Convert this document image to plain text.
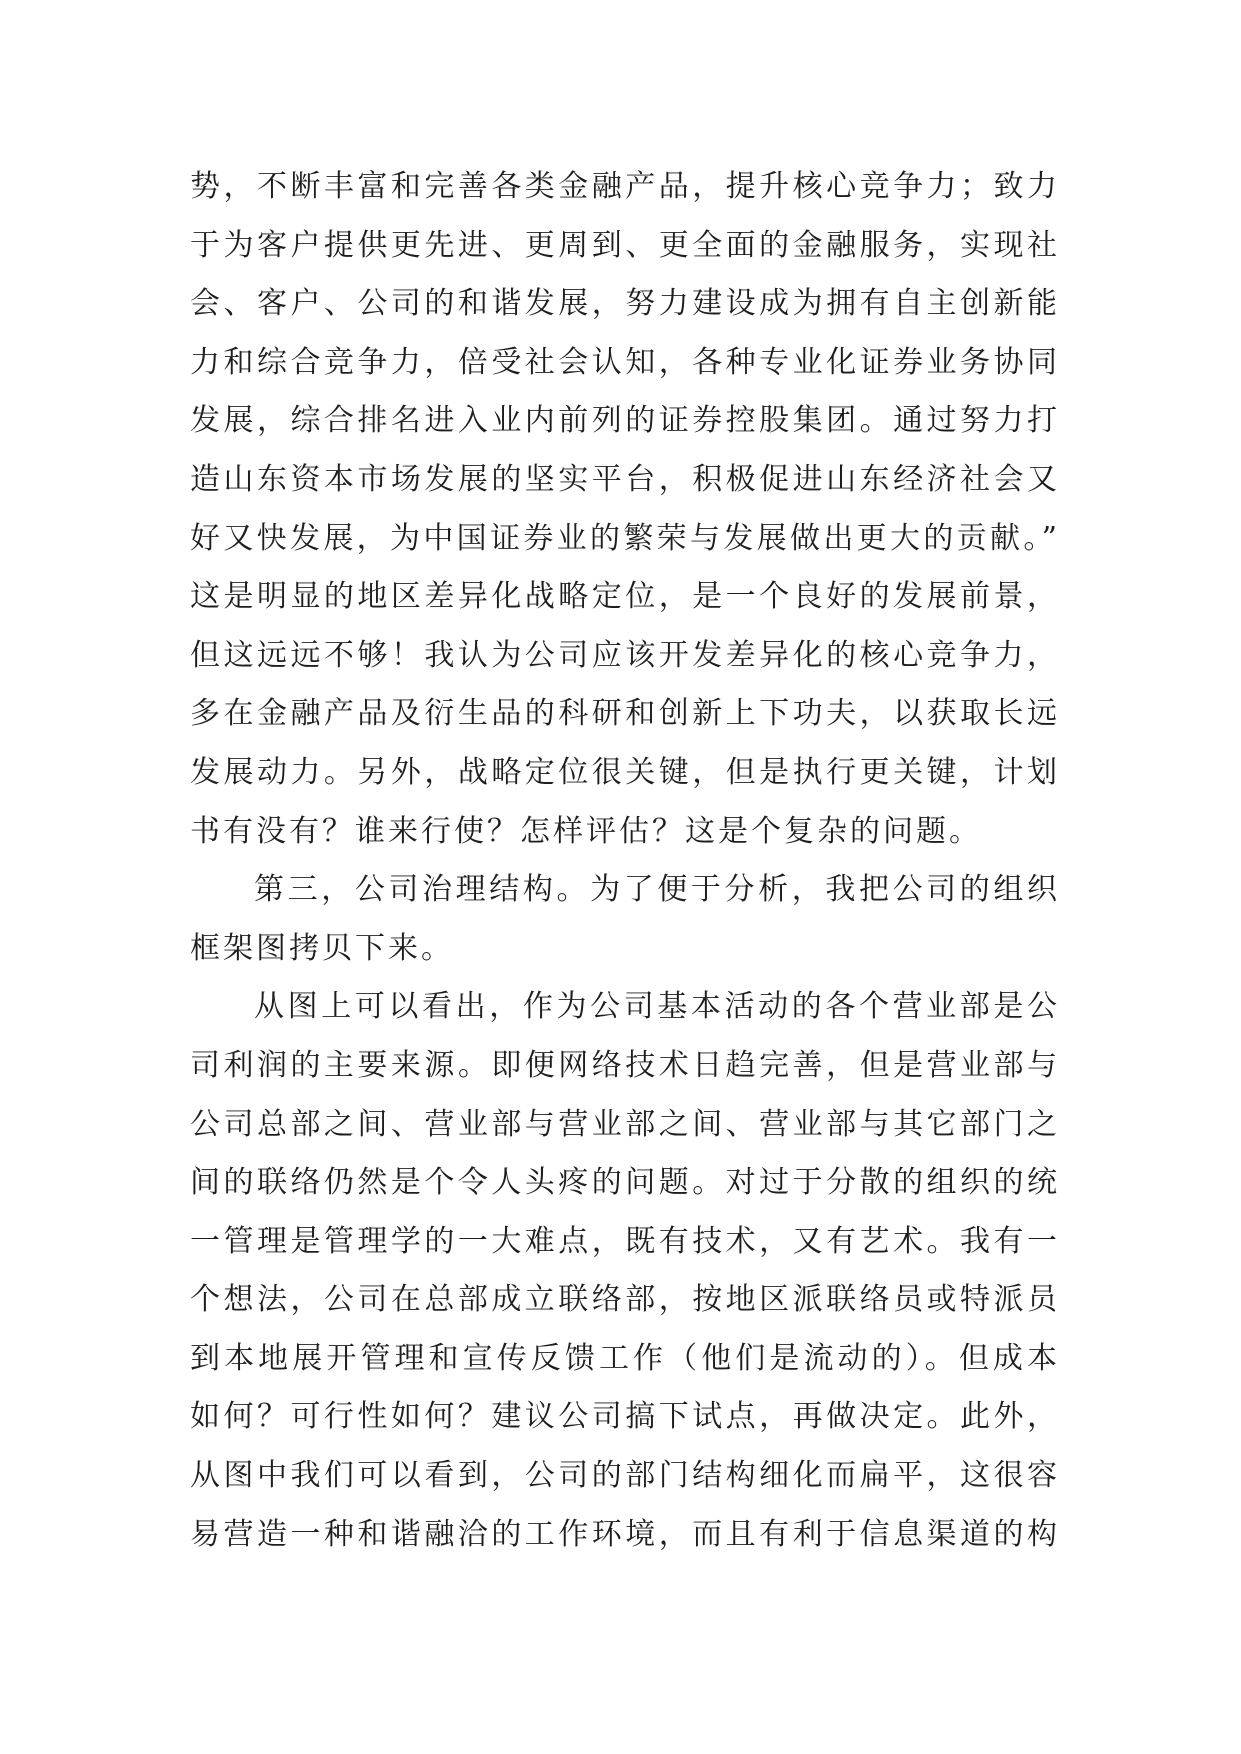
势，不断丰富和完善各类金融产品，提升核心竞争力；致力
于为客户提供更先进、更周到、更全面的金融服务，实现社
会、客户、公司的和谐发展，努力建设成为拥有自主创新能
力和综合竞争力，倍受社会认知，各种专业化证券业务协同
发展，综合排名进入业内前列的证券控股集团。通过努力打
造山东资本市场发展的坚实平台，积极促进山东经济社会又
好又快发展，为中国证券业的繁荣与发展做出更大的贡献。”
这是明显的地区差异化战略定位，是一个良好的发展前景，
但这远远不够！我认为公司应该开发差异化的核心竞争力，
多在金融产品及衍生品的科研和创新上下功夫，以获取长远
发展动力。另外，战略定位很关键，但是执行更关键，计划
书有没有？谁来行使？怎样评估？这是个复杂的问题。
第三，公司治理结构。为了便于分析，我把公司的组织
框架图拷贝下来。
从图上可以看出，作为公司基本活动的各个营业部是公
司利润的主要来源。即便网络技术日趋完善，但是营业部与
公司总部之间、营业部与营业部之间、营业部与其它部门之
间的联络仍然是个令人头疼的问题。对过于分散的组织的统
一管理是管理学的一大难点，既有技术，又有艺术。我有一
个想法，公司在总部成立联络部，按地区派联络员或特派员
到本地展开管理和宣传反馈工作（他们是流动的）。但成本
如何？可行性如何？建议公司搞下试点，再做决定。此外，
从图中我们可以看到，公司的部门结构细化而扁平，这很容
易营造一种和谐融洽的工作环境，而且有利于信息渠道的构
